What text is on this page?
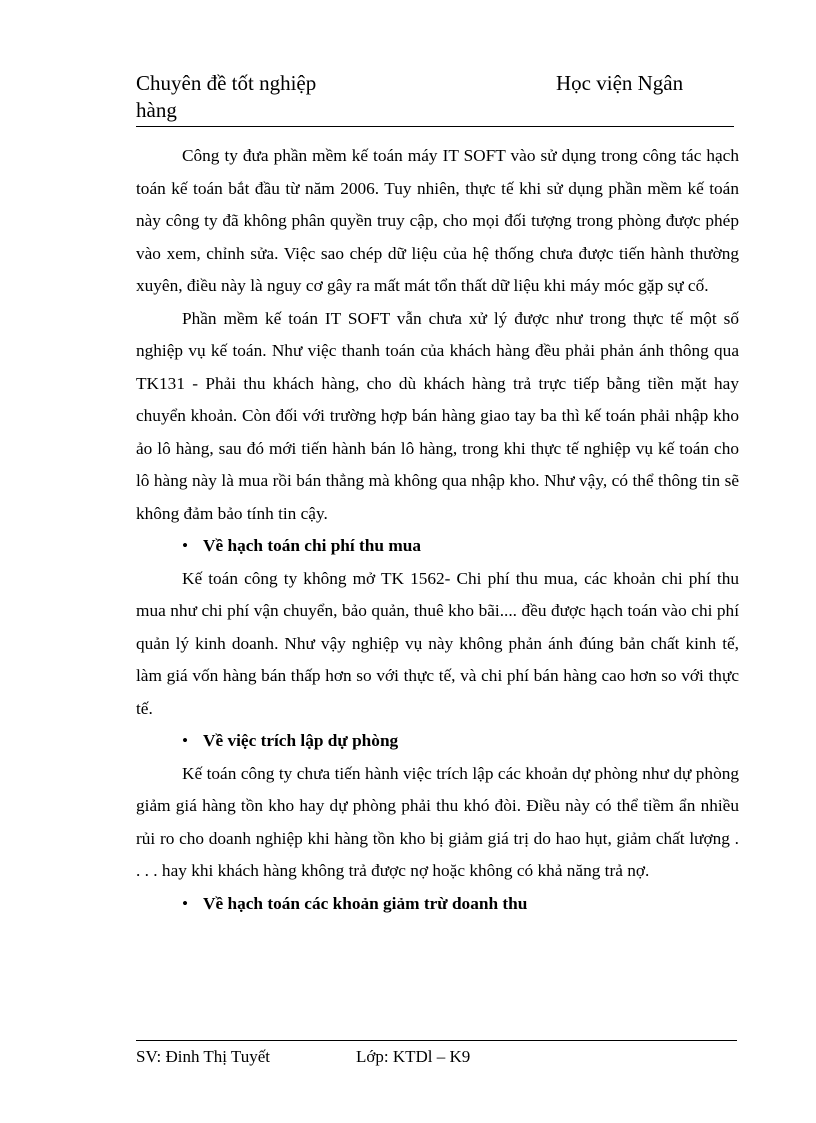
Chuyên đề tốt nghiệp	Học viện Ngân
hàng

Công ty đưa phần mềm kế toán máy IT SOFT vào sử dụng trong công tác hạch toán kế toán bắt đầu từ năm 2006. Tuy nhiên, thực tế khi sử dụng phần mềm kế toán này công ty đã không phân quyền truy cập, cho mọi đối tượng trong phòng được phép vào xem, chỉnh sửa. Việc sao chép dữ liệu của hệ thống chưa được tiến hành thường xuyên, điều này là nguy cơ gây ra mất mát tổn thất dữ liệu khi máy móc gặp sự cố.

Phần mềm kế toán IT SOFT vẫn chưa xử lý được như trong thực tế một số nghiệp vụ kế toán. Như việc thanh toán của khách hàng đều phải phản ánh thông qua TK131 - Phải thu khách hàng, cho dù khách hàng trả trực tiếp bằng tiền mặt hay chuyển khoản. Còn đối với trường hợp bán hàng giao tay ba thì kế toán phải nhập kho ảo lô hàng, sau đó mới tiến hành bán lô hàng, trong khi thực tế nghiệp vụ kế toán cho lô hàng này là mua rồi bán thẳng mà không qua nhập kho. Như vậy, có thể thông tin sẽ không đảm bảo tính tin cậy.

• Về hạch toán chi phí thu mua

Kế toán công ty không mở TK 1562- Chi phí thu mua, các khoản chi phí thu mua như chi phí vận chuyển, bảo quản, thuê kho bãi.... đều được hạch toán vào chi phí quản lý kinh doanh. Như vậy nghiệp vụ này không phản ánh đúng bản chất kinh tế, làm giá vốn hàng bán thấp hơn so với thực tế, và chi phí bán hàng cao hơn so với thực tế.

• Về việc trích lập dự phòng

Kế toán công ty chưa tiến hành việc trích lập các khoản dự phòng như dự phòng giảm giá hàng tồn kho hay dự phòng phải thu khó đòi. Điều này có thể tiềm ẩn nhiều rủi ro cho doanh nghiệp khi hàng tồn kho bị giảm giá trị do hao hụt, giảm chất lượng . . . . hay khi khách hàng không trả được nợ hoặc không có khả năng trả nợ.

• Về hạch toán các khoản giảm trừ doanh thu

SV: Đinh Thị Tuyết	Lớp: KTDl – K9
